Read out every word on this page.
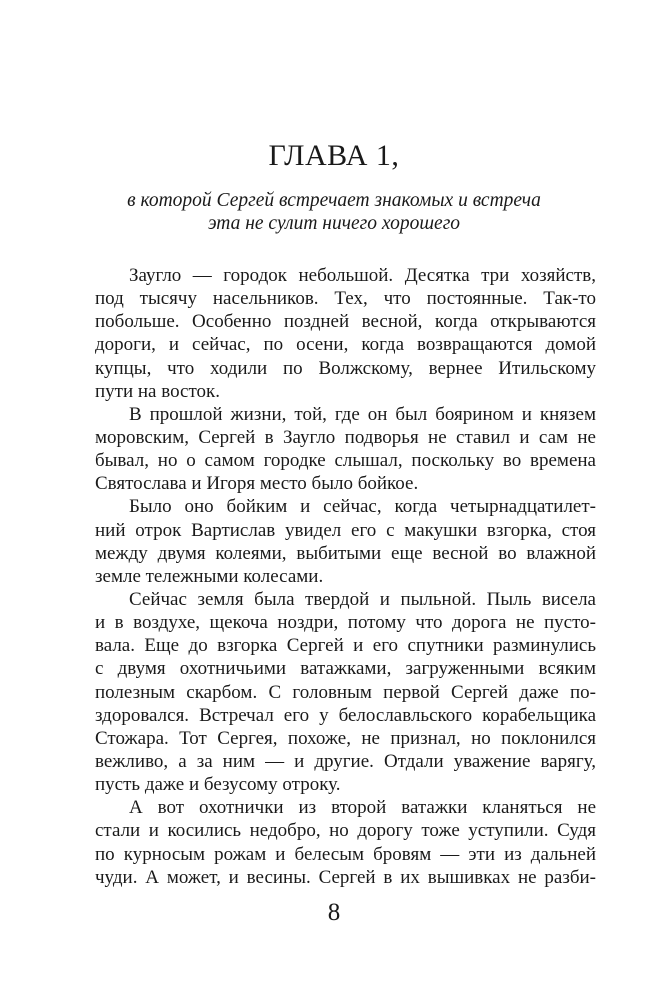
ГЛАВА 1,
в которой Сергей встречает знакомых и встреча
эта не сулит ничего хорошего
Заугло — городок небольшой. Десятка три хозяйств,
под тысячу насельников. Тех, что постоянные. Так-то
побольше. Особенно поздней весной, когда открываются
дороги, и сейчас, по осени, когда возвращаются домой
купцы, что ходили по Волжскому, вернее Итильскому
пути на восток.
В прошлой жизни, той, где он был боярином и князем
моровским, Сергей в Заугло подворья не ставил и сам не
бывал, но о самом городке слышал, поскольку во времена
Святослава и Игоря место было бойкое.
Было оно бойким и сейчас, когда четырнадцатилет-
ний отрок Вартислав увидел его с макушки взгорка, стоя
между двумя колеями, выбитыми еще весной во влажной
земле тележными колесами.
Сейчас земля была твердой и пыльной. Пыль висела
и в воздухе, щекоча ноздри, потому что дорога не пусто-
вала. Еще до взгорка Сергей и его спутники разминулись
с двумя охотничьими ватажками, загруженными всяким
полезным скарбом. С головным первой Сергей даже по-
здоровался. Встречал его у белославльского корабельщика
Стожара. Тот Сергея, похоже, не признал, но поклонился
вежливо, а за ним — и другие. Отдали уважение варягу,
пусть даже и безусому отроку.
А вот охотнички из второй ватажки кланяться не
стали и косились недобро, но дорогу тоже уступили. Судя
по курносым рожам и белесым бровям — эти из дальней
чуди. А может, и весины. Сергей в их вышивках не разби-
8
